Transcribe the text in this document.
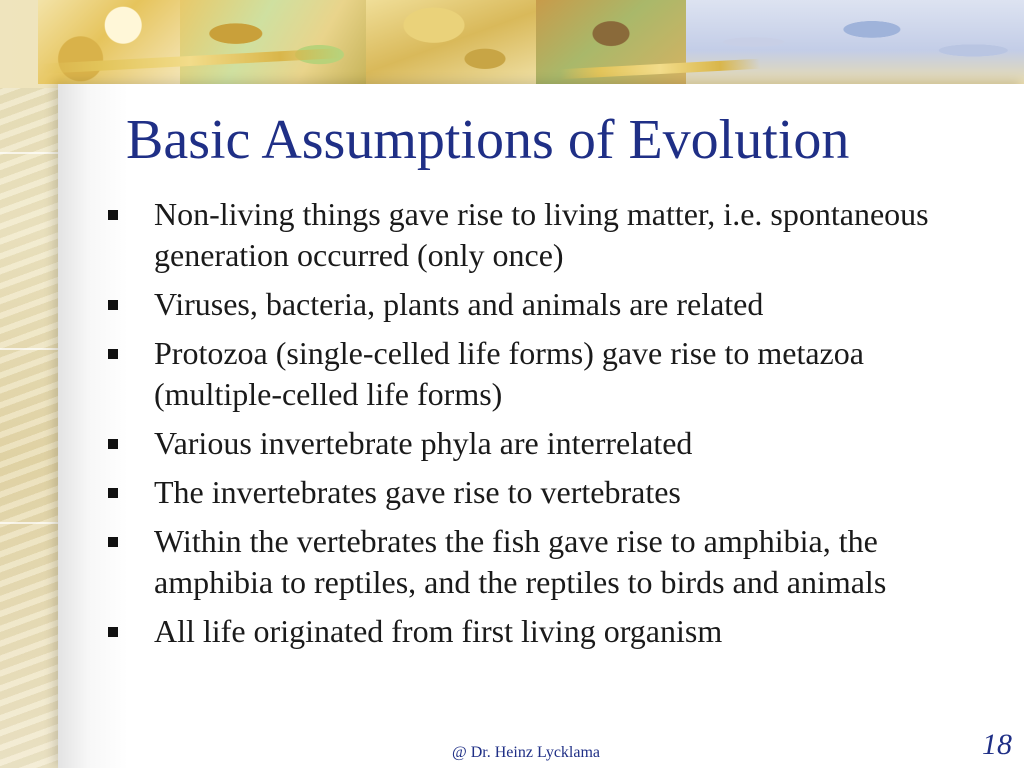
Basic Assumptions of Evolution
Non-living things gave rise to living matter, i.e. spontaneous generation occurred (only once)
Viruses, bacteria, plants and animals are related
Protozoa (single-celled life forms) gave rise to metazoa (multiple-celled life forms)
Various invertebrate phyla are interrelated
The invertebrates gave rise to vertebrates
Within the vertebrates the fish gave rise to amphibia, the amphibia to reptiles, and the reptiles to birds and animals
All life originated from first living organism
@ Dr. Heinz Lycklama	18
